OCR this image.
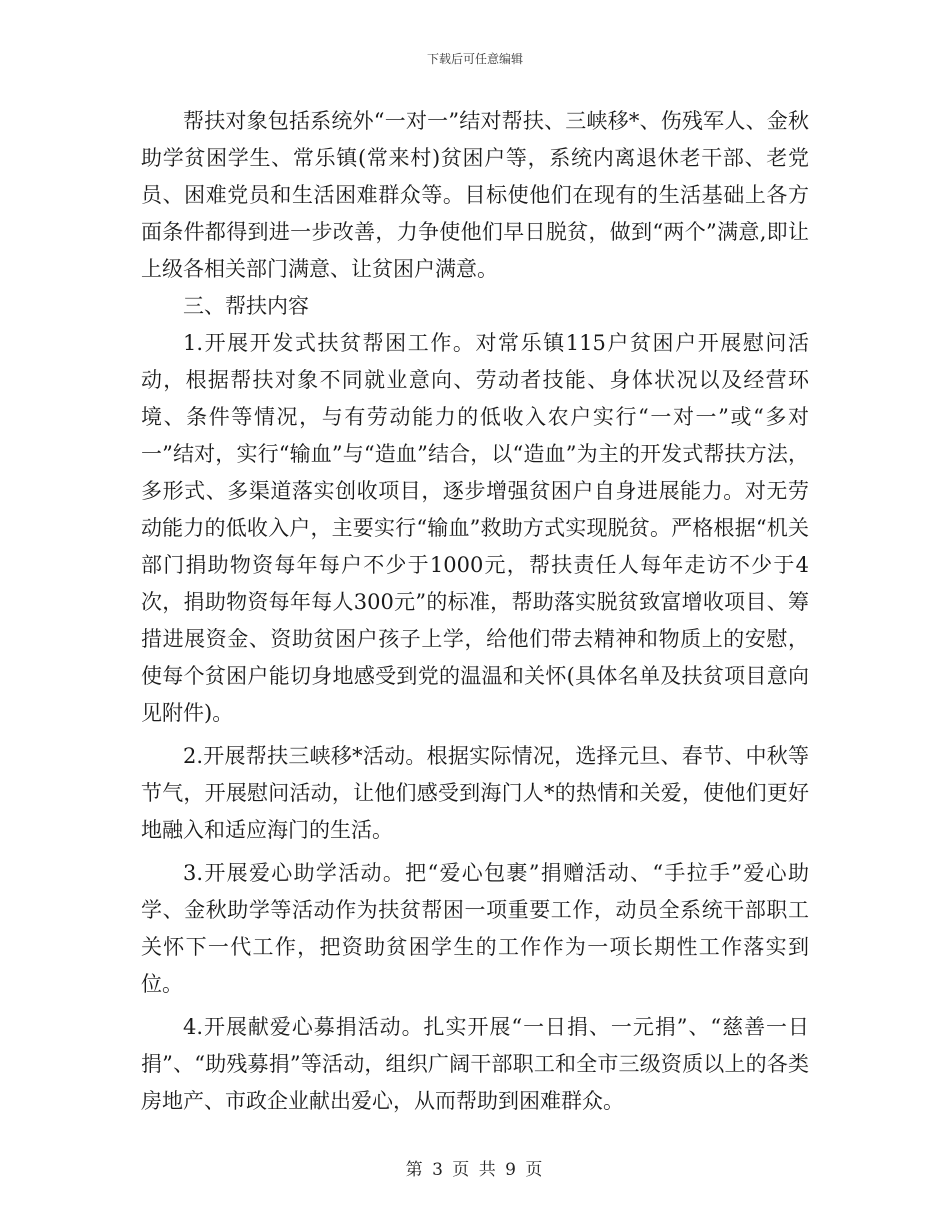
下载后可任意编辑

帮扶对象包括系统外“一对一”结对帮扶、三峡移*、伤残军人、金秋助学贫困学生、常乐镇(常来村)贫困户等，系统内离退休老干部、老党员、困难党员和生活困难群众等。目标使他们在现有的生活基础上各方面条件都得到进一步改善，力争使他们早日脱贫，做到“两个”满意,即让上级各相关部门满意、让贫困户满意。

三、帮扶内容

1.开展开发式扶贫帮困工作。对常乐镇115户贫困户开展慰问活动，根据帮扶对象不同就业意向、劳动者技能、身体状况以及经营环境、条件等情况，与有劳动能力的低收入农户实行“一对一”或“多对一”结对，实行“输血”与“造血”结合，以“造血”为主的开发式帮扶方法，多形式、多渠道落实创收项目，逐步增强贫困户自身进展能力。对无劳动能力的低收入户，主要实行“输血”救助方式实现脱贫。严格根据“机关部门捐助物资每年每户不少于1000元，帮扶责任人每年走访不少于4次，捐助物资每年每人300元”的标准，帮助落实脱贫致富增收项目、筹措进展资金、资助贫困户孩子上学，给他们带去精神和物质上的安慰，使每个贫困户能切身地感受到党的温温和关怀(具体名单及扶贫项目意向见附件)。

2.开展帮扶三峡移*活动。根据实际情况，选择元旦、春节、中秋等节气，开展慰问活动，让他们感受到海门人*的热情和关爱，使他们更好地融入和适应海门的生活。

3.开展爱心助学活动。把“爱心包裹”捐赠活动、“手拉手”爱心助学、金秋助学等活动作为扶贫帮困一项重要工作，动员全系统干部职工关怀下一代工作，把资助贫困学生的工作作为一项长期性工作落实到位。

4.开展献爱心募捐活动。扎实开展“一日捐、一元捐”、“慈善一日捐”、“助残募捐”等活动，组织广阔干部职工和全市三级资质以上的各类房地产、市政企业献出爱心，从而帮助到困难群众。

第 3 页 共 9 页
